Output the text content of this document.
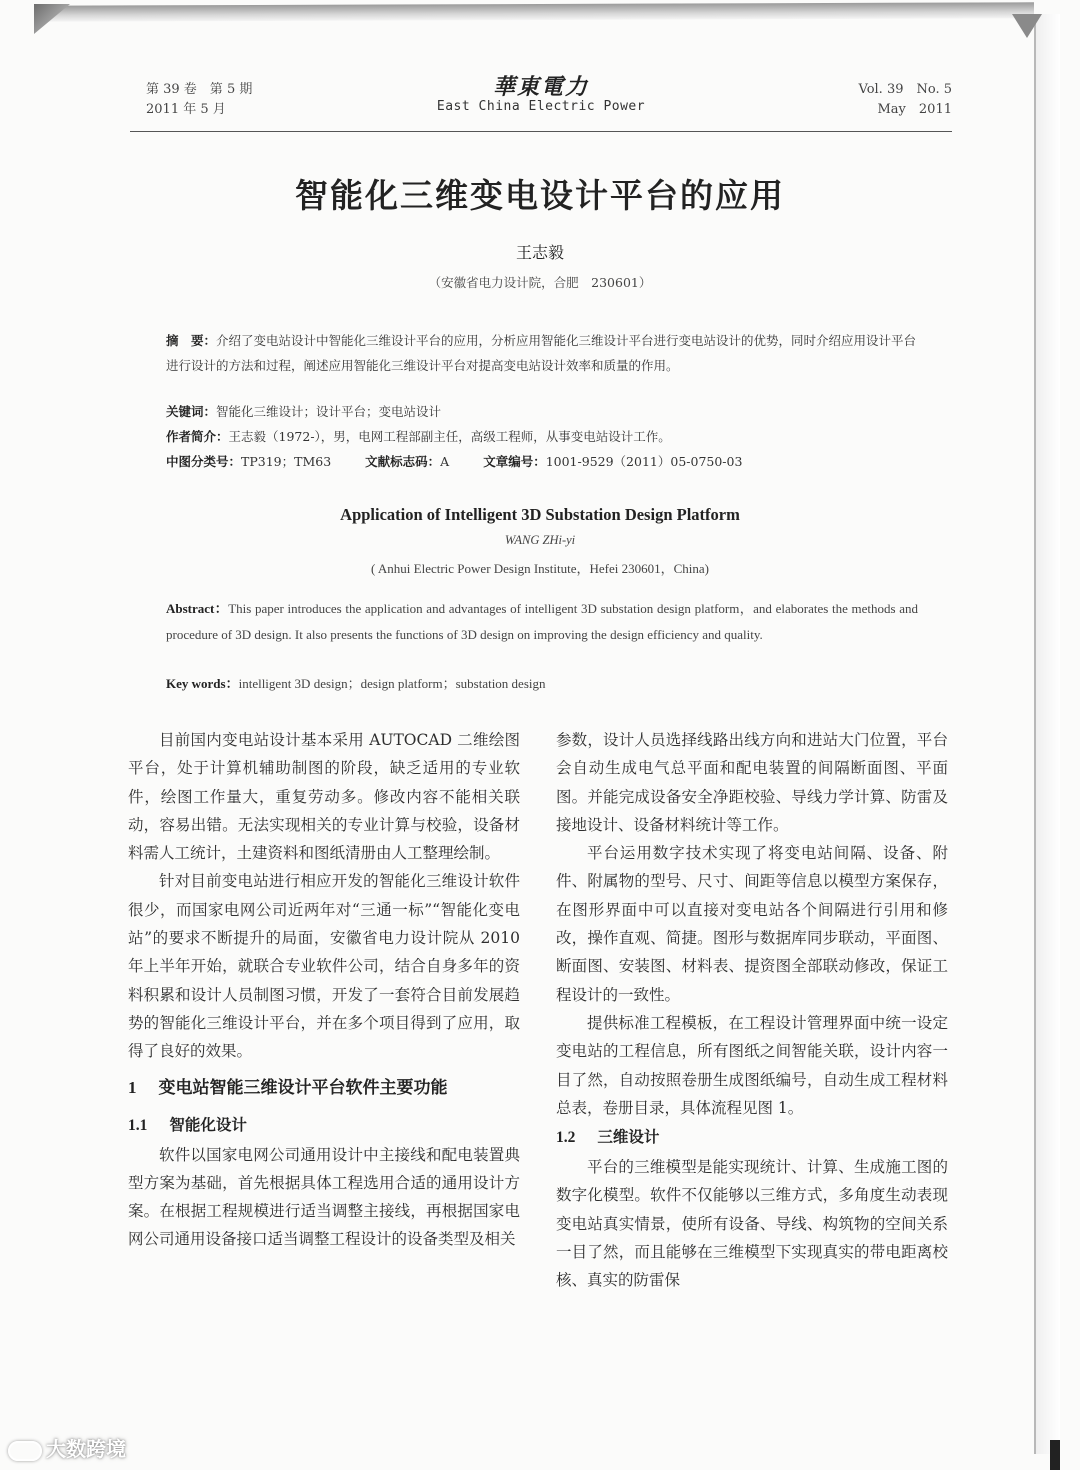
第 39 卷　第 5 期
2011 年 5 月
華東電力
East China Electric Power
Vol. 39　No. 5
May　2011
智能化三维变电设计平台的应用
王志毅
（安徽省电力设计院，合肥　230601）
摘　要：介绍了变电站设计中智能化三维设计平台的应用，分析应用智能化三维设计平台进行变电站设计的优势，同时介绍应用设计平台进行设计的方法和过程，阐述应用智能化三维设计平台对提高变电站设计效率和质量的作用。
关键词：智能化三维设计；设计平台；变电站设计
作者简介：王志毅（1972-），男，电网工程部副主任，高级工程师，从事变电站设计工作。
中图分类号：TP319；TM63	文献标志码：A	文章编号：1001-9529（2011）05-0750-03
Application of Intelligent 3D Substation Design Platform
WANG ZHi-yi
( Anhui Electric Power Design Institute，Hefei 230601，China)
Abstract：This paper introduces the application and advantages of intelligent 3D substation design platform，and elaborates the methods and procedure of 3D design. It also presents the functions of 3D design on improving the design efficiency and quality.
Key words：intelligent 3D design；design platform；substation design

目前国内变电站设计基本采用 AUTOCAD 二维绘图平台，处于计算机辅助制图的阶段，缺乏适用的专业软件，绘图工作量大，重复劳动多。修改内容不能相关联动，容易出错。无法实现相关的专业计算与校验，设备材料需人工统计，土建资料和图纸清册由人工整理绘制。

针对目前变电站进行相应开发的智能化三维设计软件很少，而国家电网公司近两年对“三通一标”“智能化变电站”的要求不断提升的局面，安徽省电力设计院从 2010 年上半年开始，就联合专业软件公司，结合自身多年的资料积累和设计人员制图习惯，开发了一套符合目前发展趋势的智能化三维设计平台，并在多个项目得到了应用，取得了良好的效果。

1 变电站智能三维设计平台软件主要功能
1.1 智能化设计

软件以国家电网公司通用设计中主接线和配电装置典型方案为基础，首先根据具体工程选用合适的通用设计方案。在根据工程规模进行适当调整主接线，再根据国家电网公司通用设备接口适当调整工程设计的设备类型及相关

参数，设计人员选择线路出线方向和进站大门位置，平台会自动生成电气总平面和配电装置的间隔断面图、平面图。并能完成设备安全净距校验、导线力学计算、防雷及接地设计、设备材料统计等工作。

平台运用数字技术实现了将变电站间隔、设备、附件、附属物的型号、尺寸、间距等信息以模型方案保存，在图形界面中可以直接对变电站各个间隔进行引用和修改，操作直观、简捷。图形与数据库同步联动，平面图、断面图、安装图、材料表、提资图全部联动修改，保证工程设计的一致性。

提供标准工程模板，在工程设计管理界面中统一设定变电站的工程信息，所有图纸之间智能关联，设计内容一目了然，自动按照卷册生成图纸编号，自动生成工程材料总表，卷册目录，具体流程见图 1。

1.2 三维设计

平台的三维模型是能实现统计、计算、生成施工图的数字化模型。软件不仅能够以三维方式，多角度生动表现变电站真实情景，使所有设备、导线、构筑物的空间关系一目了然，而且能够在三维模型下实现真实的带电距离校核、真实的防雷保

大数跨境
